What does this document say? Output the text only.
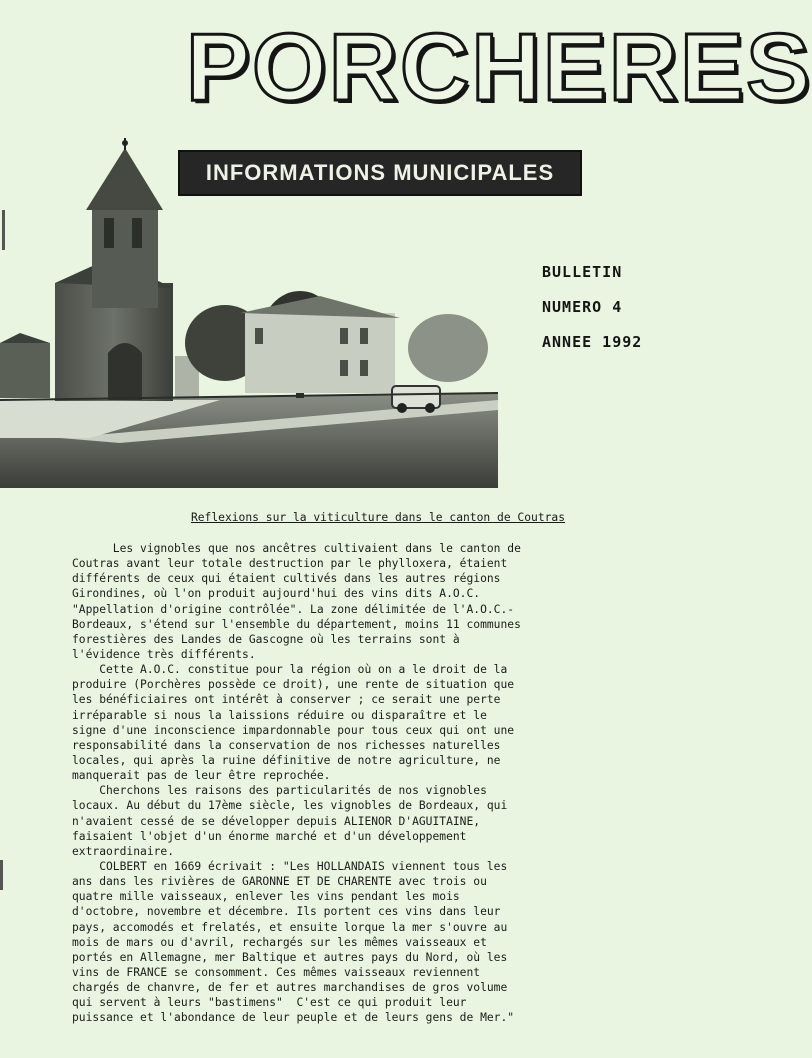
PORCHERES
INFORMATIONS MUNICIPALES
BULLETIN
NUMERO 4
ANNEE 1992
Reflexions sur la viticulture dans le canton de Coutras
Les vignobles que nos ancêtres cultivaient dans le canton de
Coutras avant leur totale destruction par le phylloxera, étaient
différents de ceux qui étaient cultivés dans les autres régions
Girondines, où l'on produit aujourd'hui des vins dits A.O.C.
"Appellation d'origine contrôlée". La zone délimitée de l'A.O.C.-
Bordeaux, s'étend sur l'ensemble du département, moins 11 communes
forestières des Landes de Gascogne où les terrains sont à
l'évidence très différents.
Cette A.O.C. constitue pour la région où on a le droit de la
produire (Porchères possède ce droit), une rente de situation que
les bénéficiaires ont intérêt à conserver ; ce serait une perte
irréparable si nous la laissions réduire ou disparaître et le
signe d'une inconscience impardonnable pour tous ceux qui ont une
responsabilité dans la conservation de nos richesses naturelles
locales, qui après la ruine définitive de notre agriculture, ne
manquerait pas de leur être reprochée.
Cherchons les raisons des particularités de nos vignobles
locaux. Au début du 17ème siècle, les vignobles de Bordeaux, qui
n'avaient cessé de se développer depuis ALIENOR D'AGUITAINE,
faisaient l'objet d'un énorme marché et d'un développement
extraordinaire.
COLBERT en 1669 écrivait : "Les HOLLANDAIS viennent tous les
ans dans les rivières de GARONNE ET DE CHARENTE avec trois ou
quatre mille vaisseaux, enlever les vins pendant les mois
d'octobre, novembre et décembre. Ils portent ces vins dans leur
pays, accomodés et frelatés, et ensuite lorque la mer s'ouvre au
mois de mars ou d'avril, rechargés sur les mêmes vaisseaux et
portés en Allemagne, mer Baltique et autres pays du Nord, où les
vins de FRANCE se consomment. Ces mêmes vaisseaux reviennent
chargés de chanvre, de fer et autres marchandises de gros volume
qui servent à leurs "bastimens"  C'est ce qui produit leur
puissance et l'abondance de leur peuple et de leurs gens de Mer."
